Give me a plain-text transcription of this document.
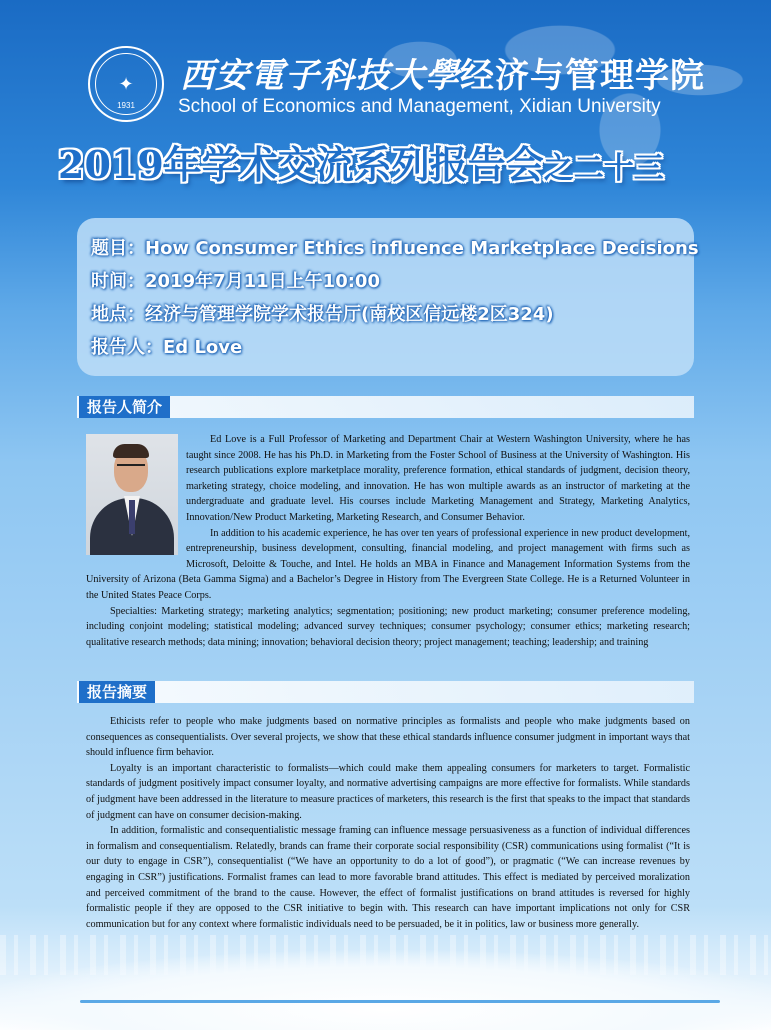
✦
1931
西安電子科技大學经济与管理学院
School of Economics and Management, Xidian University
2019年学术交流系列报告会之二十三
题目：How Consumer Ethics influence Marketplace Decisions
时间：2019年7月11日上午10:00
地点：经济与管理学院学术报告厅(南校区信远楼2区324)
报告人：Ed Love
报告人简介

Ed Love is a Full Professor of Marketing and Department Chair at Western Washington University, where he has taught since 2008. He has his Ph.D. in Marketing from the Foster School of Business at the University of Washington. His research publications explore marketplace morality, preference formation, ethical standards of judgment, decision theory, marketing strategy, choice modeling, and innovation. He has won multiple awards as an instructor of marketing at the undergraduate and graduate level. His courses include Marketing Management and Strategy, Marketing Analytics, Innovation/New Product Marketing, Marketing Research, and Consumer Behavior.

In addition to his academic experience, he has over ten years of professional experience in new product development, entrepreneurship, business development, consulting, financial modeling, and project management with firms such as Microsoft, Deloitte & Touche, and Intel. He holds an MBA in Finance and Management Information Systems from the University of Arizona (Beta Gamma Sigma) and a Bachelor’s Degree in History from The Evergreen State College. He is a Returned Volunteer in the United States Peace Corps.

Specialties: Marketing strategy; marketing analytics; segmentation; positioning; new product marketing; consumer preference modeling, including conjoint modeling; statistical modeling; advanced survey techniques; consumer psychology; consumer ethics; marketing research; qualitative research methods; data mining; innovation; behavioral decision theory; project management; teaching; leadership; and training

报告摘要

Ethicists refer to people who make judgments based on normative principles as formalists and people who make judgments based on consequences as consequentialists. Over several projects, we show that these ethical standards influence consumer judgment in important ways that should influence firm behavior.

Loyalty is an important characteristic to formalists—which could make them appealing consumers for marketers to target. Formalistic standards of judgment positively impact consumer loyalty, and normative advertising campaigns are more effective for formalists. While standards of judgment have been addressed in the literature to measure practices of marketers, this research is the first that speaks to the impact that standards of judgment can have on consumer decision-making.

In addition, formalistic and consequentialistic message framing can influence message persuasiveness as a function of individual differences in formalism and consequentialism. Relatedly, brands can frame their corporate social responsibility (CSR) communications using formalist (“It is our duty to engage in CSR”), consequentialist (“We have an opportunity to do a lot of good”), or pragmatic (“We can increase revenues by engaging in CSR”) justifications. Formalist frames can lead to more favorable brand attitudes. This effect is mediated by perceived moralization and perceived commitment of the brand to the cause. However, the effect of formalist justifications on brand attitudes is reversed for highly formalistic people if they are opposed to the CSR initiative to begin with. This research can have important implications not only for CSR communication but for any context where formalistic individuals need to be persuaded, be it in politics, law or business more generally.
